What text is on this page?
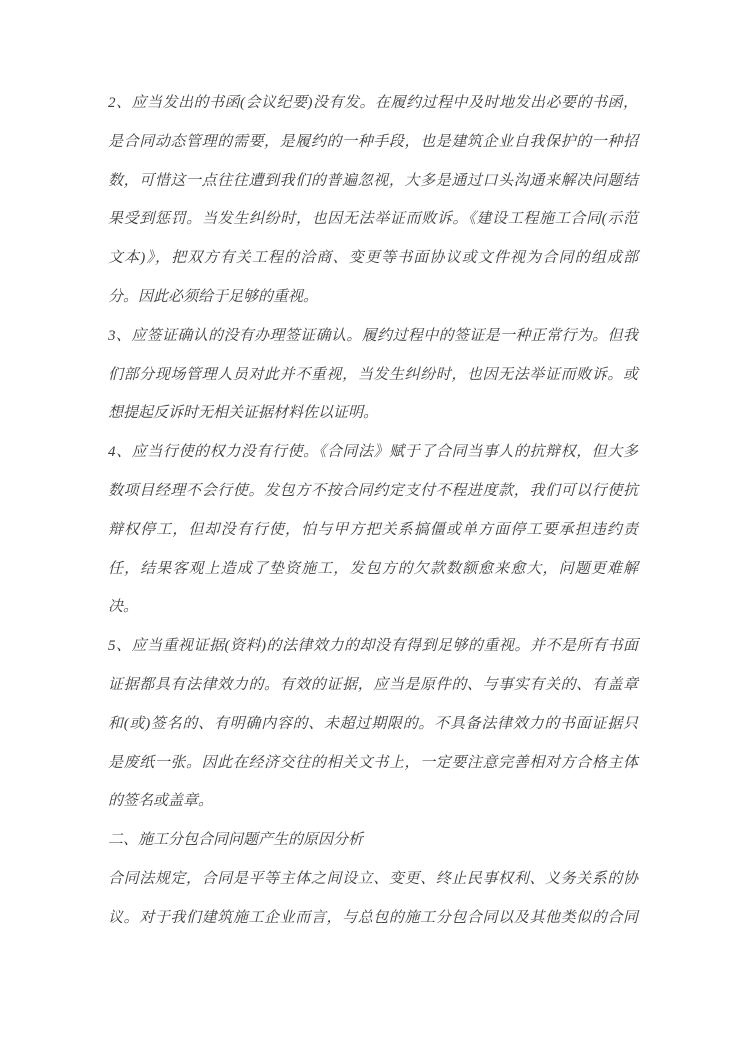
2、应当发出的书函(会议纪要)没有发。在履约过程中及时地发出必要的书函，
是合同动态管理的需要，是履约的一种手段，也是建筑企业自我保护的一种招
数，可惜这一点往往遭到我们的普遍忽视，大多是通过口头沟通来解决问题结
果受到惩罚。当发生纠纷时，也因无法举证而败诉。《建设工程施工合同(示范
文本)》，把双方有关工程的洽商、变更等书面协议或文件视为合同的组成部
分。因此必须给于足够的重视。
3、应签证确认的没有办理签证确认。履约过程中的签证是一种正常行为。但我
们部分现场管理人员对此并不重视，当发生纠纷时，也因无法举证而败诉。或
想提起反诉时无相关证据材料佐以证明。
4、应当行使的权力没有行使。《合同法》赋于了合同当事人的抗辩权，但大多
数项目经理不会行使。发包方不按合同约定支付不程进度款，我们可以行使抗
辩权停工，但却没有行使，怕与甲方把关系搞僵或单方面停工要承担违约责
任，结果客观上造成了垫资施工，发包方的欠款数额愈来愈大，问题更难解
决。
5、应当重视证据(资料)的法律效力的却没有得到足够的重视。并不是所有书面
证据都具有法律效力的。有效的证据，应当是原件的、与事实有关的、有盖章
和(或)签名的、有明确内容的、未超过期限的。不具备法律效力的书面证据只
是废纸一张。因此在经济交往的相关文书上，一定要注意完善相对方合格主体
的签名或盖章。
二、施工分包合同问题产生的原因分析
合同法规定，合同是平等主体之间设立、变更、终止民事权利、义务关系的协
议。对于我们建筑施工企业而言，与总包的施工分包合同以及其他类似的合同
